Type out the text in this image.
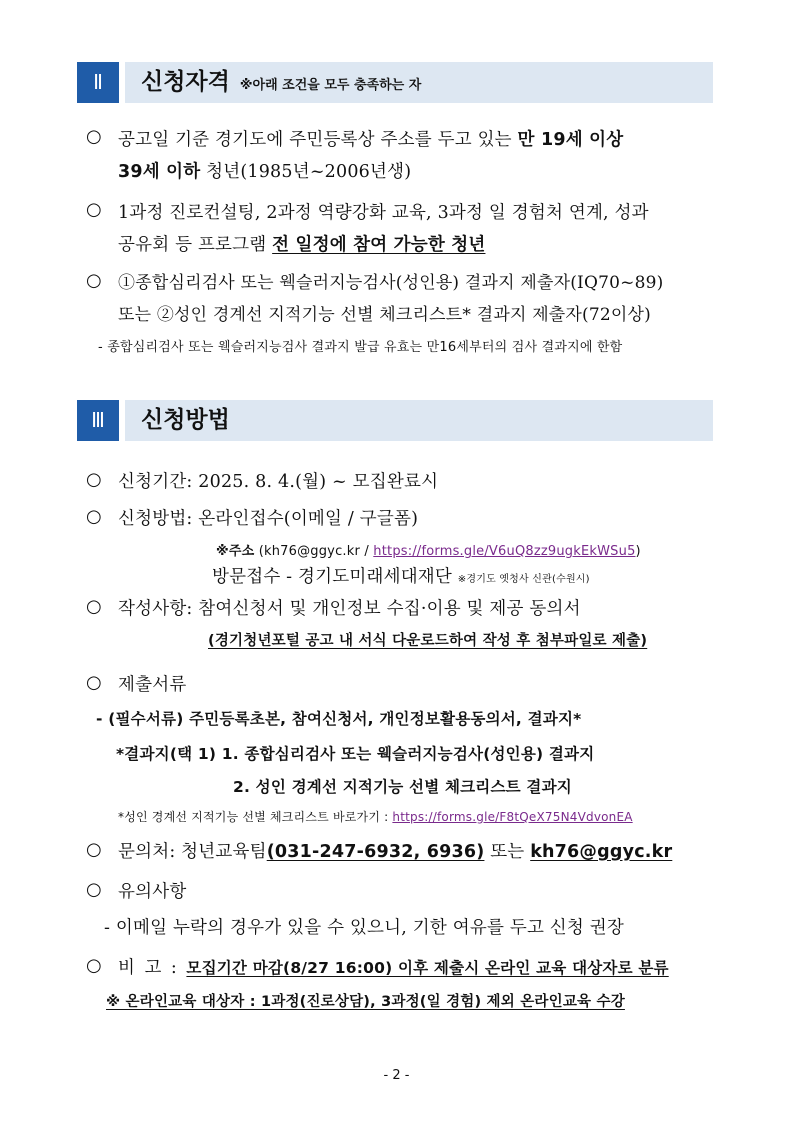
Ⅱ	신청자격 ※아래 조건을 모두 충족하는 자
○ 공고일 기준 경기도에 주민등록상 주소를 두고 있는 만 19세 이상
39세 이하 청년(1985년~2006년생)
○ 1과정 진로컨설팅, 2과정 역량강화 교육, 3과정 일 경험처 연계, 성과
공유회 등 프로그램 전 일정에 참여 가능한 청년
○ ①종합심리검사 또는 웩슬러지능검사(성인용) 결과지 제출자(IQ70~89)
또는 ②성인 경계선 지적기능 선별 체크리스트* 결과지 제출자(72이상)
- 종합심리검사 또는 웩슬러지능검사 결과지 발급 유효는 만16세부터의 검사 결과지에 한함
Ⅲ	신청방법
○ 신청기간: 2025. 8. 4.(월) ~ 모집완료시
○ 신청방법: 온라인접수(이메일 / 구글폼)
※주소 (kh76@ggyc.kr / https://forms.gle/V6uQ8zz9ugkEkWSu5)
방문접수 - 경기도미래세대재단 ※경기도 옛청사 신관(수원시)
○ 작성사항: 참여신청서 및 개인정보 수집·이용 및 제공 동의서
(경기청년포털 공고 내 서식 다운로드하여 작성 후 첨부파일로 제출)
○ 제출서류
- (필수서류) 주민등록초본, 참여신청서, 개인정보활용동의서, 결과지*
*결과지(택 1) 1. 종합심리검사 또는 웩슬러지능검사(성인용) 결과지
2. 성인 경계선 지적기능 선별 체크리스트 결과지
*성인 경계선 지적기능 선별 체크리스트 바로가기 : https://forms.gle/F8tQeX75N4VdvonEA
○ 문의처: 청년교육팀(031-247-6932, 6936) 또는 kh76@ggyc.kr
○ 유의사항
- 이메일 누락의 경우가 있을 수 있으니, 기한 여유를 두고 신청 권장
○ 비 고 : 모집기간 마감(8/27 16:00) 이후 제출시 온라인 교육 대상자로 분류
※ 온라인교육 대상자 : 1과정(진로상담), 3과정(일 경험) 제외 온라인교육 수강
- 2 -
